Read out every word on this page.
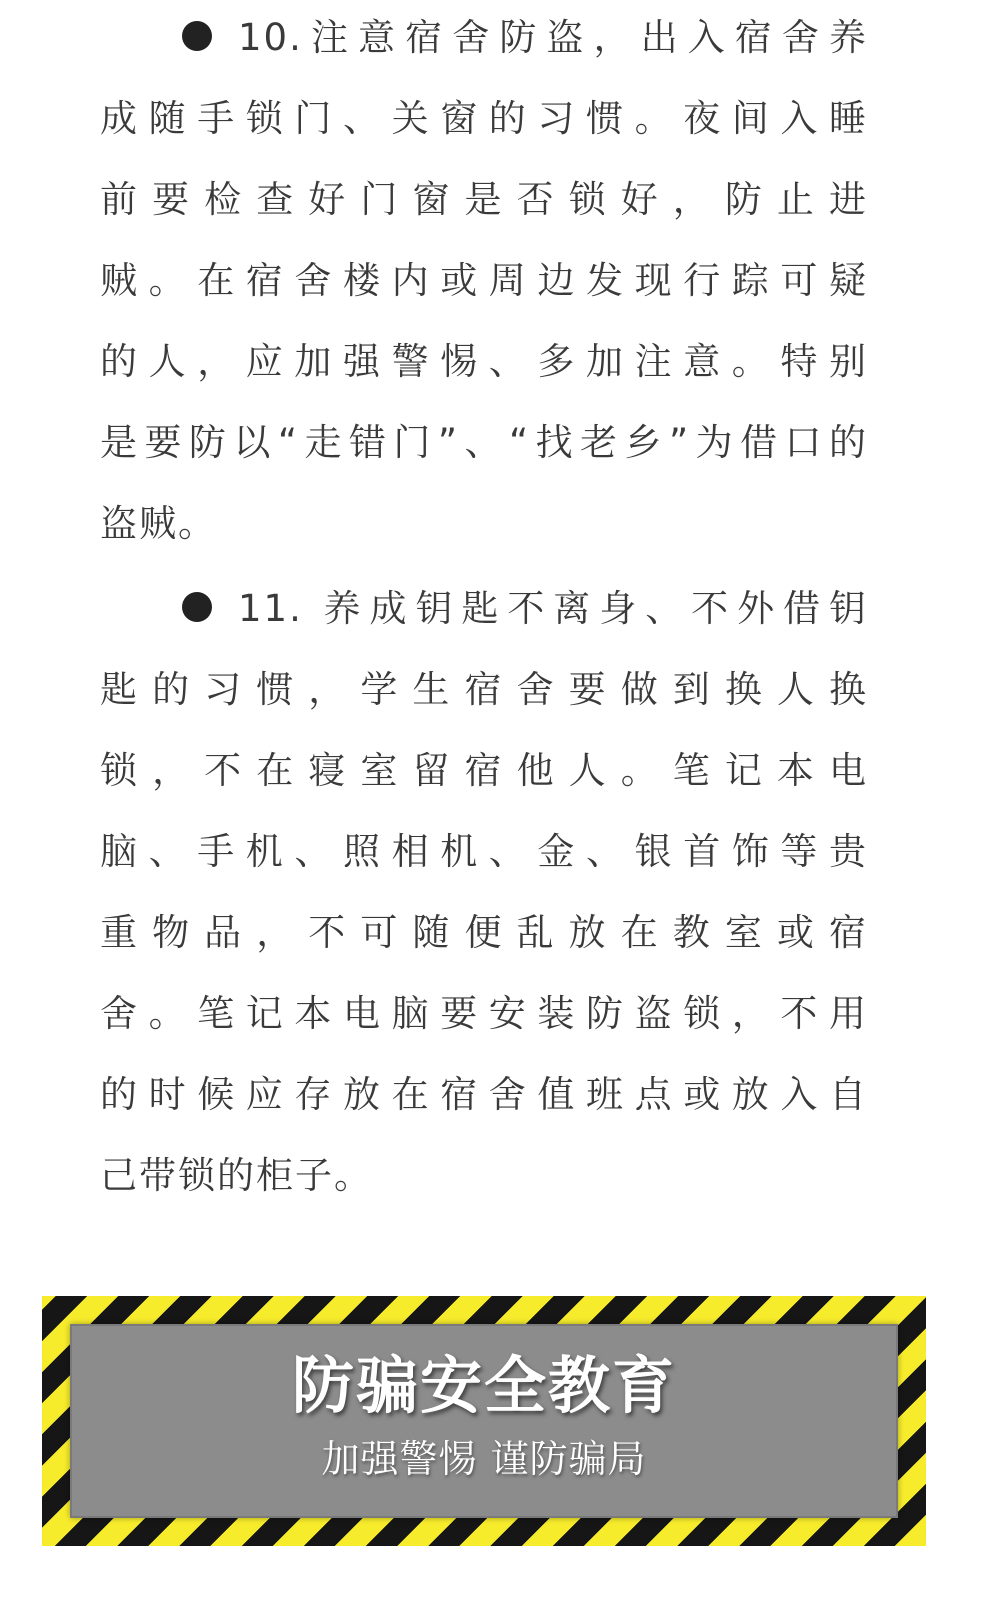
10.注意宿舍防盗，出入宿舍养
成随手锁门、关窗的习惯。夜间入睡
前要检查好门窗是否锁好，防止进
贼。在宿舍楼内或周边发现行踪可疑
的人，应加强警惕、多加注意。特别
是要防以“走错门”、“找老乡”为借口的
盗贼。
11. 养成钥匙不离身、不外借钥
匙的习惯，学生宿舍要做到换人换
锁，不在寝室留宿他人。笔记本电
脑、手机、照相机、金、银首饰等贵
重物品，不可随便乱放在教室或宿
舍。笔记本电脑要安装防盗锁，不用
的时候应存放在宿舍值班点或放入自
己带锁的柜子。
防骗安全教育
加强警惕 谨防骗局
